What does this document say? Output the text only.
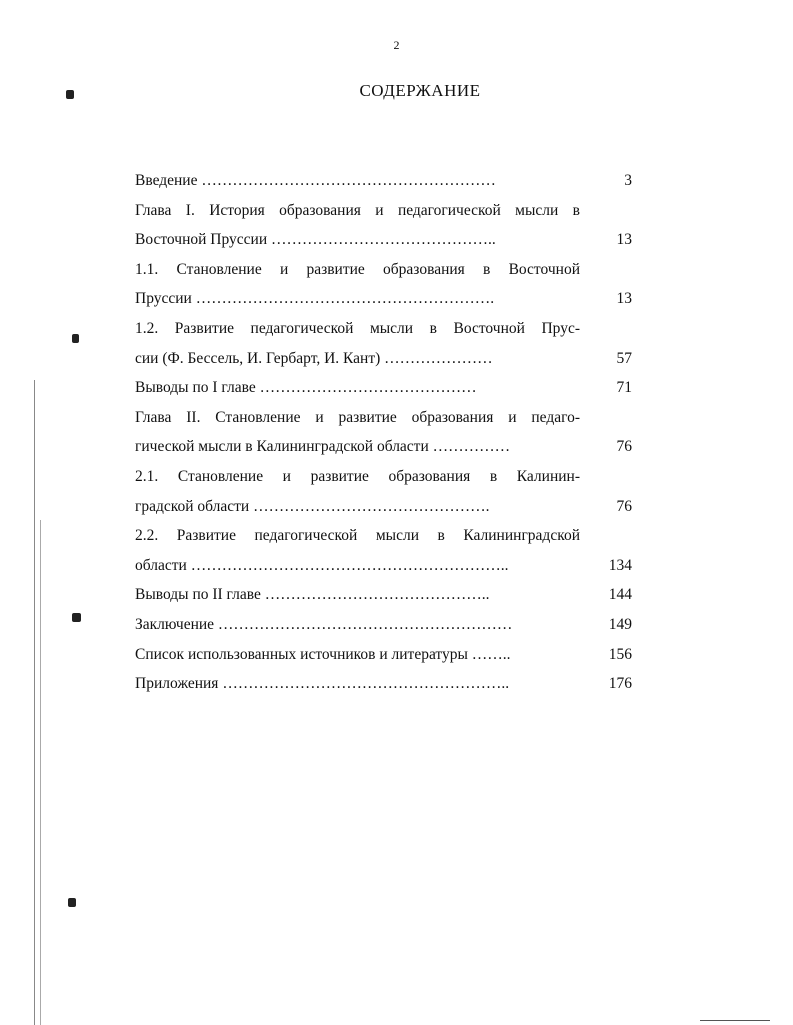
2
СОДЕРЖАНИЕ
Введение …………………………………………………	3
Глава I. История образования и педагогической мысли в
Восточной Пруссии ……………………………………..	13
1.1. Становление и развитие образования в Восточной
Пруссии ………………………………………………….	13
1.2. Развитие педагогической мысли в Восточной Прус-
сии (Ф. Бессель, И. Гербарт, И. Кант) …………………	57
Выводы по I главе ……………………………………	71
Глава II. Становление и развитие образования и педаго-
гической мысли в Калининградской области ……………	76
2.1. Становление и развитие образования в Калинин-
градской области ……………………………………….	76
2.2. Развитие педагогической мысли в Калининградской
области ……………………………………………………..	134
Выводы по II главе ……………………………………..	144
Заключение …………………………………………………	149
Список использованных источников и литературы ……..	156
Приложения ………………………………………………..	176
